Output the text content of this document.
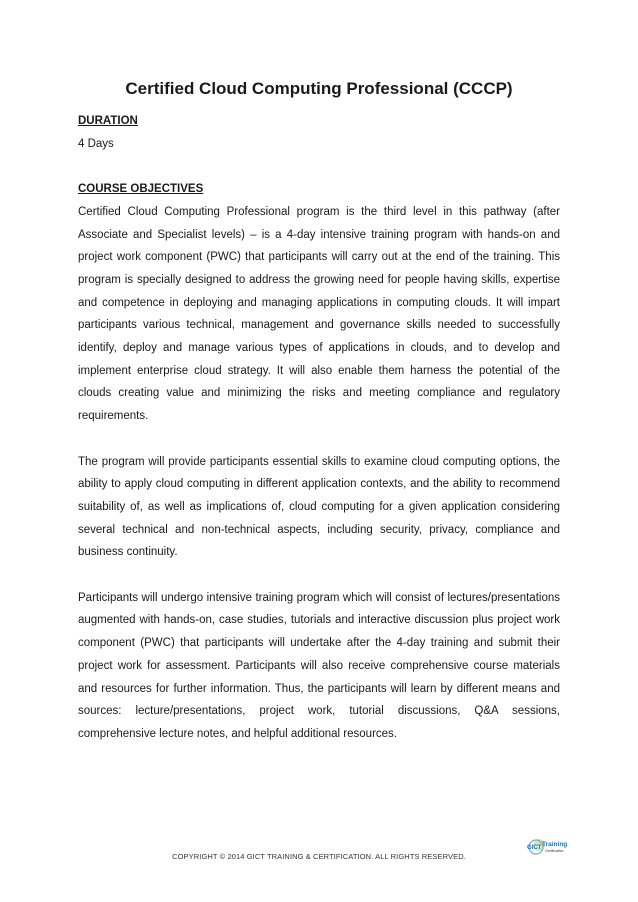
Certified Cloud Computing Professional (CCCP)

DURATION

4 Days

COURSE OBJECTIVES

Certified Cloud Computing Professional program is the third level in this pathway (after Associate and Specialist levels) – is a 4-day intensive training program with hands-on and project work component (PWC) that participants will carry out at the end of the training. This program is specially designed to address the growing need for people having skills, expertise and competence in deploying and managing applications in computing clouds. It will impart participants various technical, management and governance skills needed to successfully identify, deploy and manage various types of applications in clouds, and to develop and implement enterprise cloud strategy. It will also enable them harness the potential of the clouds creating value and minimizing the risks and meeting compliance and regulatory requirements.

The program will provide participants essential skills to examine cloud computing options, the ability to apply cloud computing in different application contexts, and the ability to recommend suitability of, as well as implications of, cloud computing for a given application considering several technical and non-technical aspects, including security, privacy, compliance and business continuity.

Participants will undergo intensive training program which will consist of lectures/presentations augmented with hands-on, case studies, tutorials and interactive discussion plus project work component (PWC) that participants will undertake after the 4-day training and submit their project work for assessment. Participants will also receive comprehensive course materials and resources for further information. Thus, the participants will learn by different means and sources: lecture/presentations, project work, tutorial discussions, Q&A sessions, comprehensive lecture notes, and helpful additional resources.

GICT Training
Certification
COPYRIGHT © 2014 GICT TRAINING & CERTIFICATION. ALL RIGHTS RESERVED.
